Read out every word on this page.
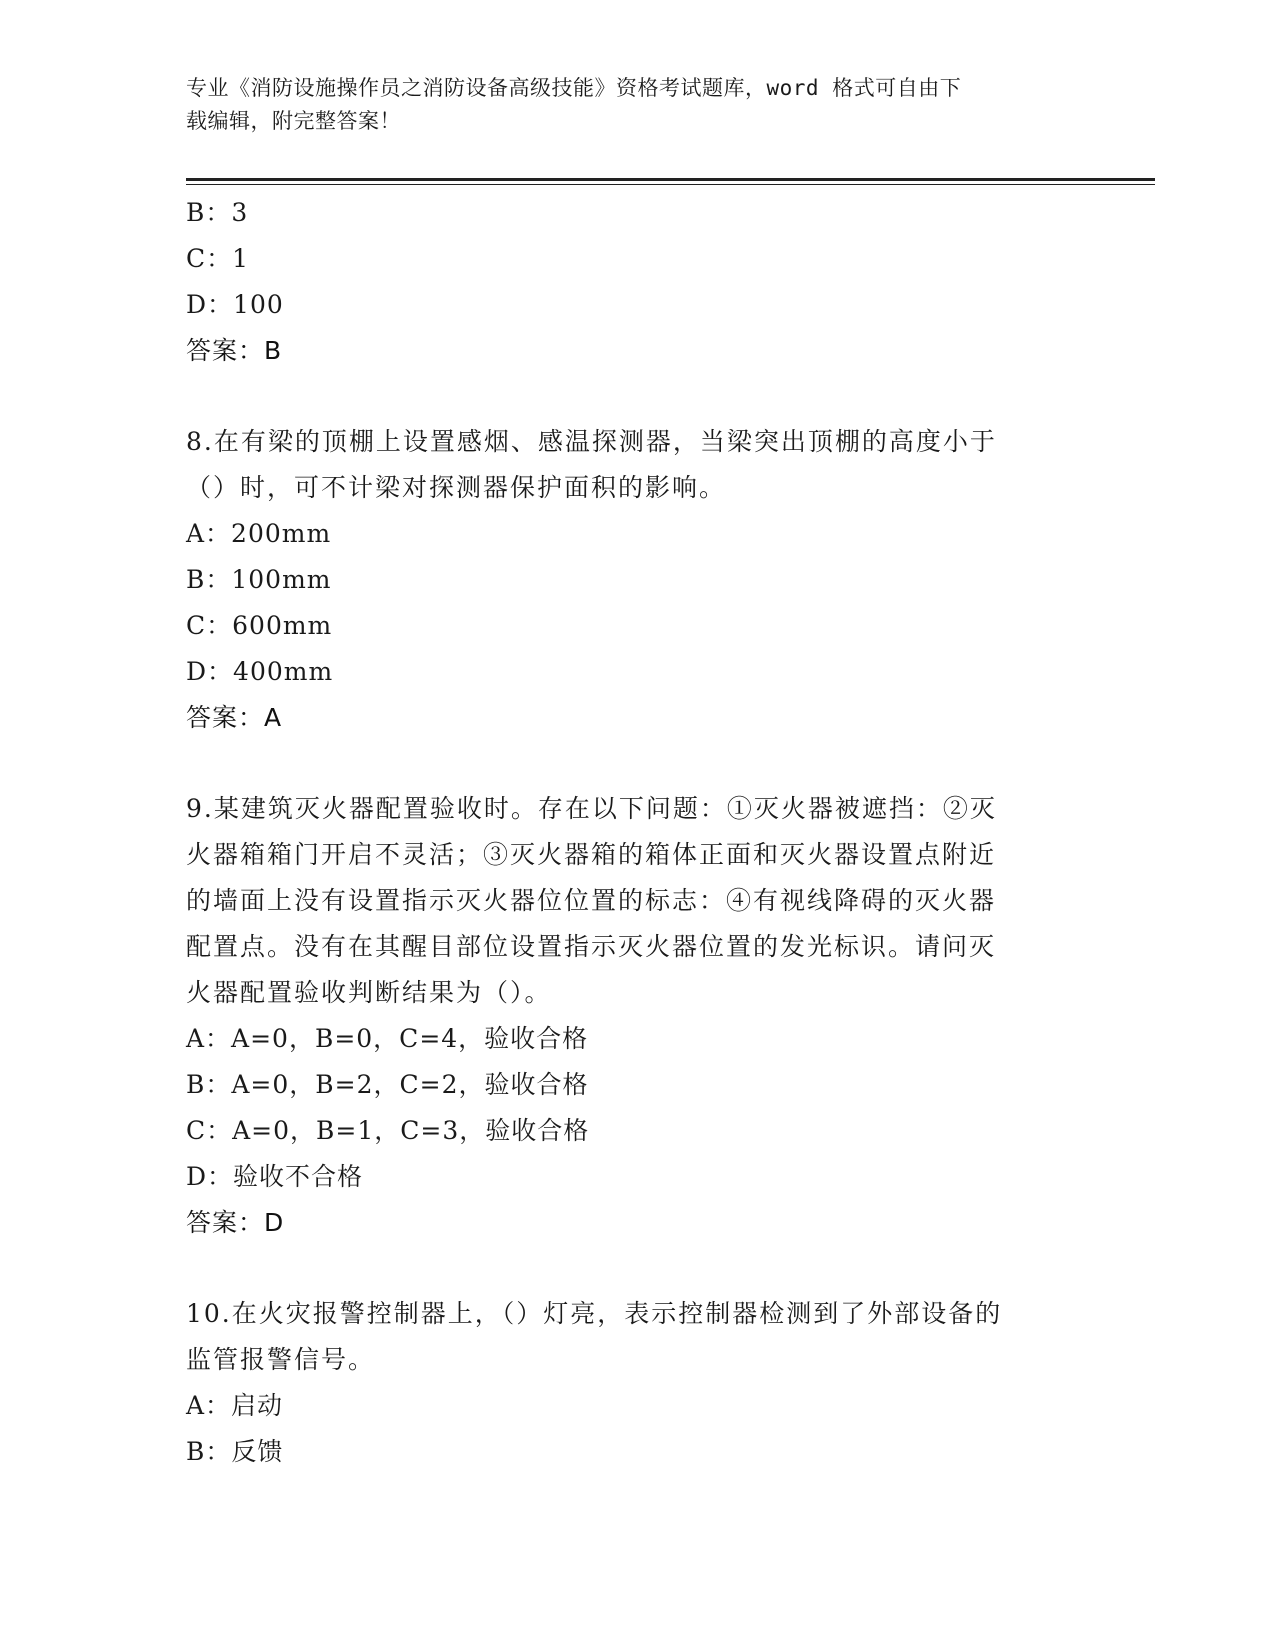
专业《消防设施操作员之消防设备高级技能》资格考试题库，word 格式可自由下
载编辑，附完整答案！
B：3
C：1
D：100
答案：B
8.在有梁的顶棚上设置感烟、感温探测器，当梁突出顶棚的高度小于
（）时，可不计梁对探测器保护面积的影响。
A：200mm
B：100mm
C：600mm
D：400mm
答案：A
9.某建筑灭火器配置验收时。存在以下问题：①灭火器被遮挡：②灭
火器箱箱门开启不灵活；③灭火器箱的箱体正面和灭火器设置点附近
的墙面上没有设置指示灭火器位位置的标志：④有视线降碍的灭火器
配置点。没有在其醒目部位设置指示灭火器位置的发光标识。请问灭
火器配置验收判断结果为（）。
A：A=0，B=0，C=4，验收合格
B：A=0，B=2，C=2，验收合格
C：A=0，B=1，C=3，验收合格
D：验收不合格
答案：D
10.在火灾报警控制器上，（）灯亮，表示控制器检测到了外部设备的
监管报警信号。
A：启动
B：反馈
